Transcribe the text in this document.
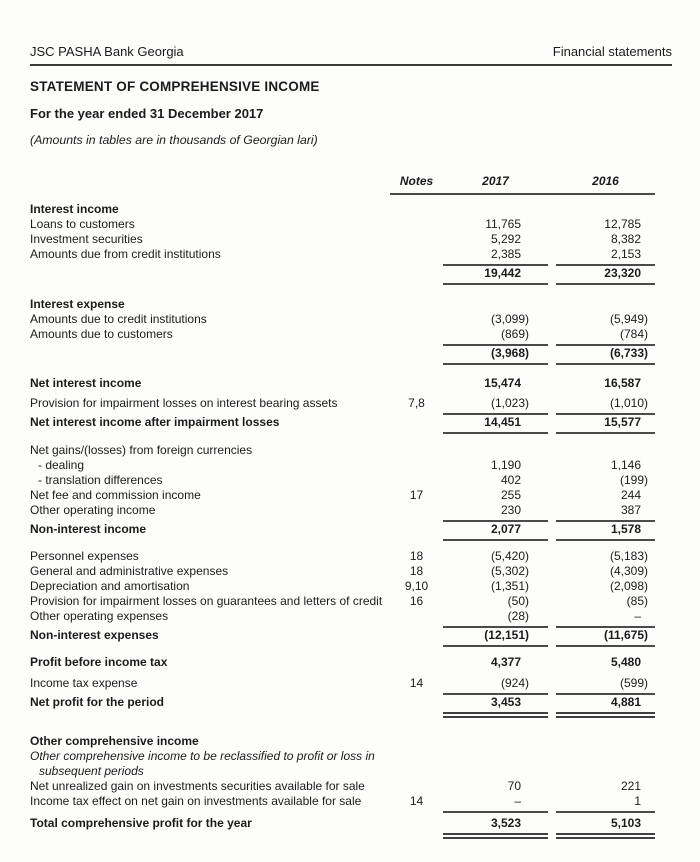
JSC PASHA Bank Georgia	Financial statements
STATEMENT OF COMPREHENSIVE INCOME
For the year ended 31 December 2017

(Amounts in tables are in thousands of Georgian lari)

Notes	2017	2016
Interest income
Loans to customers	11,765	12,785
Investment securities	5,292	8,382
Amounts due from credit institutions	2,385	2,153
19,442	23,320
Interest expense
Amounts due to credit institutions	(3,099)	(5,949)
Amounts due to customers	(869)	(784)
(3,968)	(6,733)
Net interest income	15,474	16,587
Provision for impairment losses on interest bearing assets	7,8	(1,023)	(1,010)
Net interest income after impairment losses	14,451	15,577
Net gains/(losses) from foreign currencies
- dealing	1,190	1,146
- translation differences	402	(199)
Net fee and commission income	17	255	244
Other operating income	230	387
Non-interest income	2,077	1,578
Personnel expenses	18	(5,420)	(5,183)
General and administrative expenses	18	(5,302)	(4,309)
Depreciation and amortisation	9,10	(1,351)	(2,098)
Provision for impairment losses on guarantees and letters of credit	16	(50)	(85)
Other operating expenses	(28)	–
Non-interest expenses	(12,151)	(11,675)
Profit before income tax	4,377	5,480
Income tax expense	14	(924)	(599)
Net profit for the period	3,453	4,881
Other comprehensive income
Other comprehensive income to be reclassified to profit or loss in subsequent periods
Net unrealized gain on investments securities available for sale	70	221
Income tax effect on net gain on investments available for sale	14	–	1
Total comprehensive profit for the year	3,523	5,103
